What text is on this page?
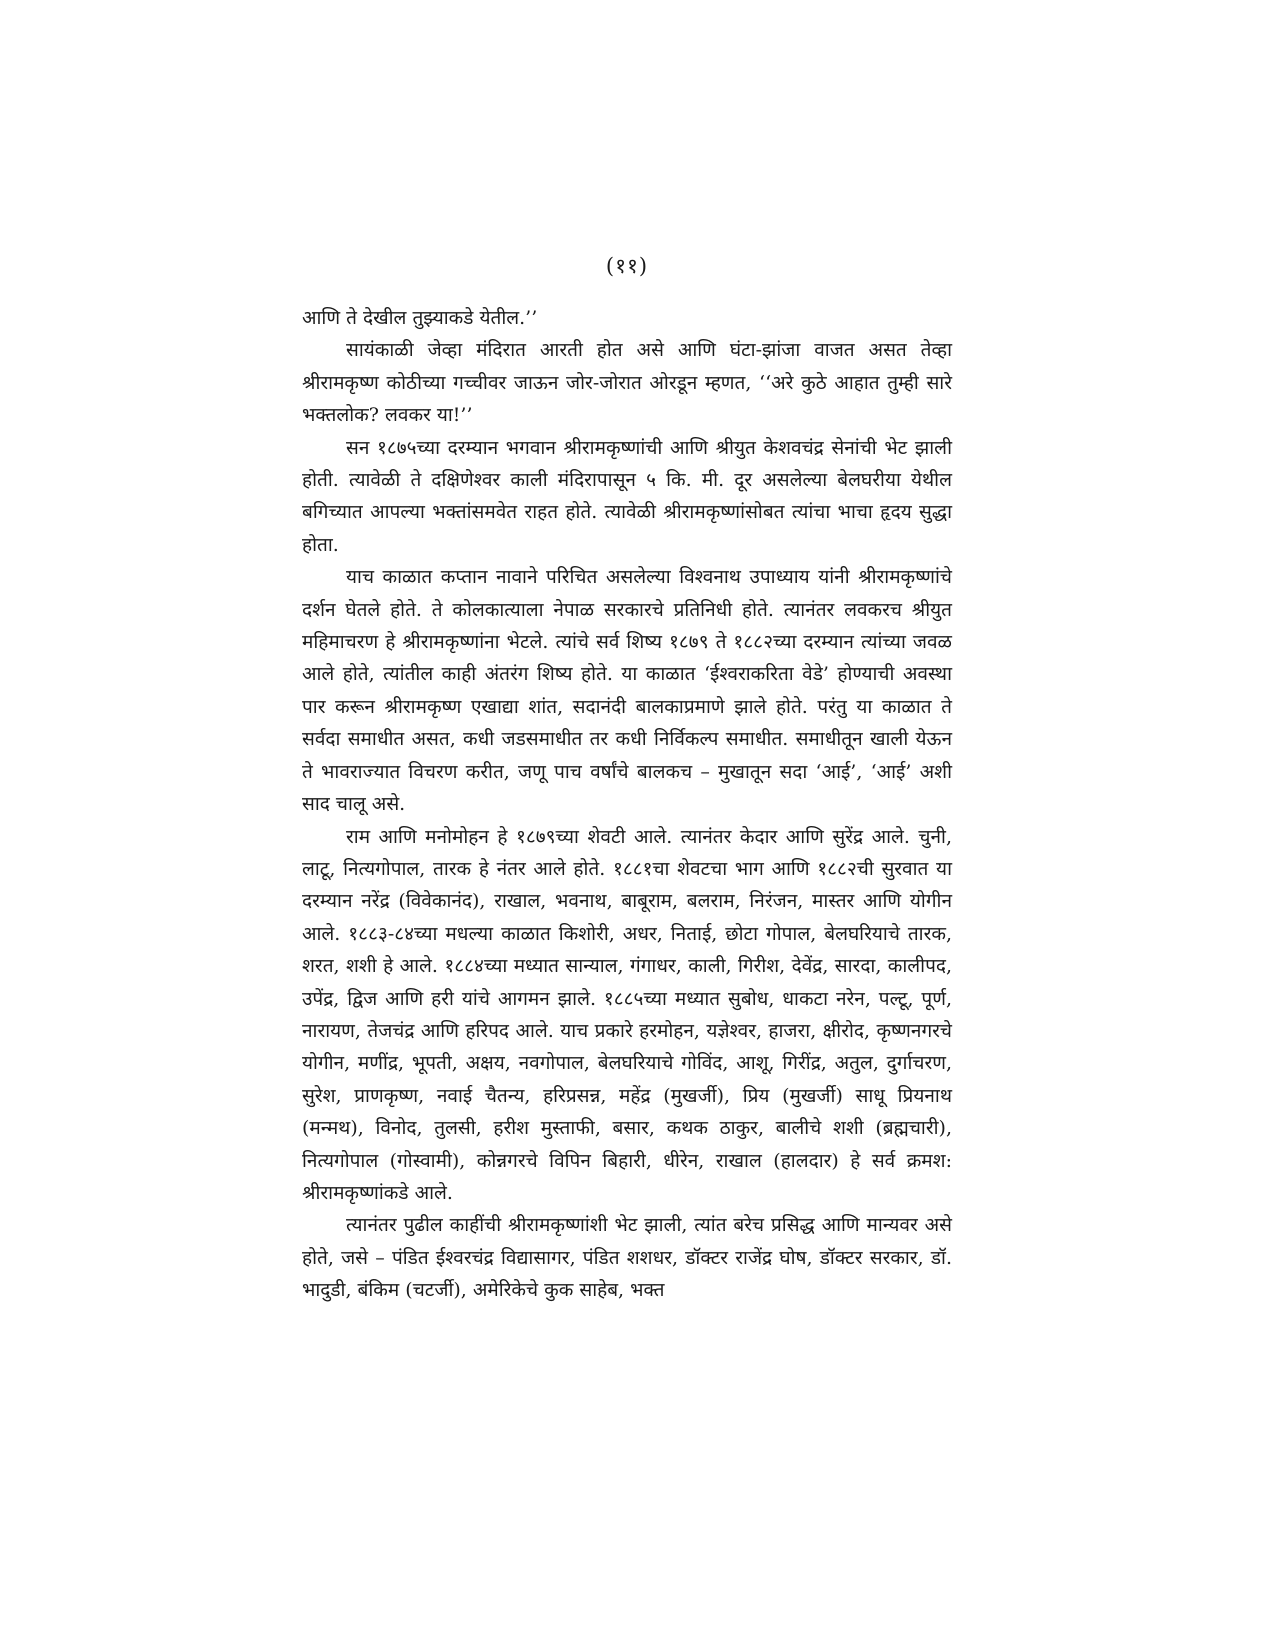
(११)

आणि ते देखील तुझ्याकडे येतील.’’

सायंकाळी जेव्हा मंदिरात आरती होत असे आणि घंटा-झांजा वाजत असत तेव्हा श्रीरामकृष्ण कोठीच्या गच्चीवर जाऊन जोर-जोरात ओरडून म्हणत, ‘‘अरे कुठे आहात तुम्ही सारे भक्तलोक? लवकर या!’’

सन १८७५च्या दरम्यान भगवान श्रीरामकृष्णांची आणि श्रीयुत केशवचंद्र सेनांची भेट झाली होती. त्यावेळी ते दक्षिणेश्वर काली मंदिरापासून ५ कि. मी. दूर असलेल्या बेलघरीया येथील बगिच्यात आपल्या भक्तांसमवेत राहत होते. त्यावेळी श्रीरामकृष्णांसोबत त्यांचा भाचा हृदय सुद्धा होता.

याच काळात कप्तान नावाने परिचित असलेल्या विश्वनाथ उपाध्याय यांनी श्रीरामकृष्णांचे दर्शन घेतले होते. ते कोलकात्याला नेपाळ सरकारचे प्रतिनिधी होते. त्यानंतर लवकरच श्रीयुत महिमाचरण हे श्रीरामकृष्णांना भेटले. त्यांचे सर्व शिष्य १८७९ ते १८८२च्या दरम्यान त्यांच्या जवळ आले होते, त्यांतील काही अंतरंग शिष्य होते. या काळात ‘ईश्वराकरिता वेडे’ होण्याची अवस्था पार करून श्रीरामकृष्ण एखाद्या शांत, सदानंदी बालकाप्रमाणे झाले होते. परंतु या काळात ते सर्वदा समाधीत असत, कधी जडसमाधीत तर कधी निर्विकल्प समाधीत. समाधीतून खाली येऊन ते भावराज्यात विचरण करीत, जणू पाच वर्षांचे बालकच – मुखातून सदा ‘आई’, ‘आई’ अशी साद चालू असे.

राम आणि मनोमोहन हे १८७९च्या शेवटी आले. त्यानंतर केदार आणि सुरेंद्र आले. चुनी, लाटू, नित्यगोपाल, तारक हे नंतर आले होते. १८८१चा शेवटचा भाग आणि १८८२ची सुरवात या दरम्यान नरेंद्र (विवेकानंद), राखाल, भवनाथ, बाबूराम, बलराम, निरंजन, मास्तर आणि योगीन आले. १८८३-८४च्या मधल्या काळात किशोरी, अधर, निताई, छोटा गोपाल, बेलघरियाचे तारक, शरत, शशी हे आले. १८८४च्या मध्यात सान्याल, गंगाधर, काली, गिरीश, देवेंद्र, सारदा, कालीपद, उपेंद्र, द्विज आणि हरी यांचे आगमन झाले. १८८५च्या मध्यात सुबोध, धाकटा नरेन, पल्टू, पूर्ण, नारायण, तेजचंद्र आणि हरिपद आले. याच प्रकारे हरमोहन, यज्ञेश्वर, हाजरा, क्षीरोद, कृष्णनगरचे योगीन, मणींद्र, भूपती, अक्षय, नवगोपाल, बेलघरियाचे गोविंद, आशू, गिरींद्र, अतुल, दुर्गाचरण, सुरेश, प्राणकृष्ण, नवाई चैतन्य, हरिप्रसन्न, महेंद्र (मुखर्जी), प्रिय (मुखर्जी) साधू प्रियनाथ (मन्मथ), विनोद, तुलसी, हरीश मुस्ताफी, बसार, कथक ठाकुर, बालीचे शशी (ब्रह्मचारी), नित्यगोपाल (गोस्वामी), कोन्नगरचे विपिन बिहारी, धीरेन, राखाल (हालदार) हे सर्व क्रमश: श्रीरामकृष्णांकडे आले.

त्यानंतर पुढील काहींची श्रीरामकृष्णांशी भेट झाली, त्यांत बरेच प्रसिद्ध आणि मान्यवर असे होते, जसे – पंडित ईश्वरचंद्र विद्यासागर, पंडित शशधर, डॉक्टर राजेंद्र घोष, डॉक्टर सरकार, डॉ. भादुडी, बंकिम (चटर्जी), अमेरिकेचे कुक साहेब, भक्त
